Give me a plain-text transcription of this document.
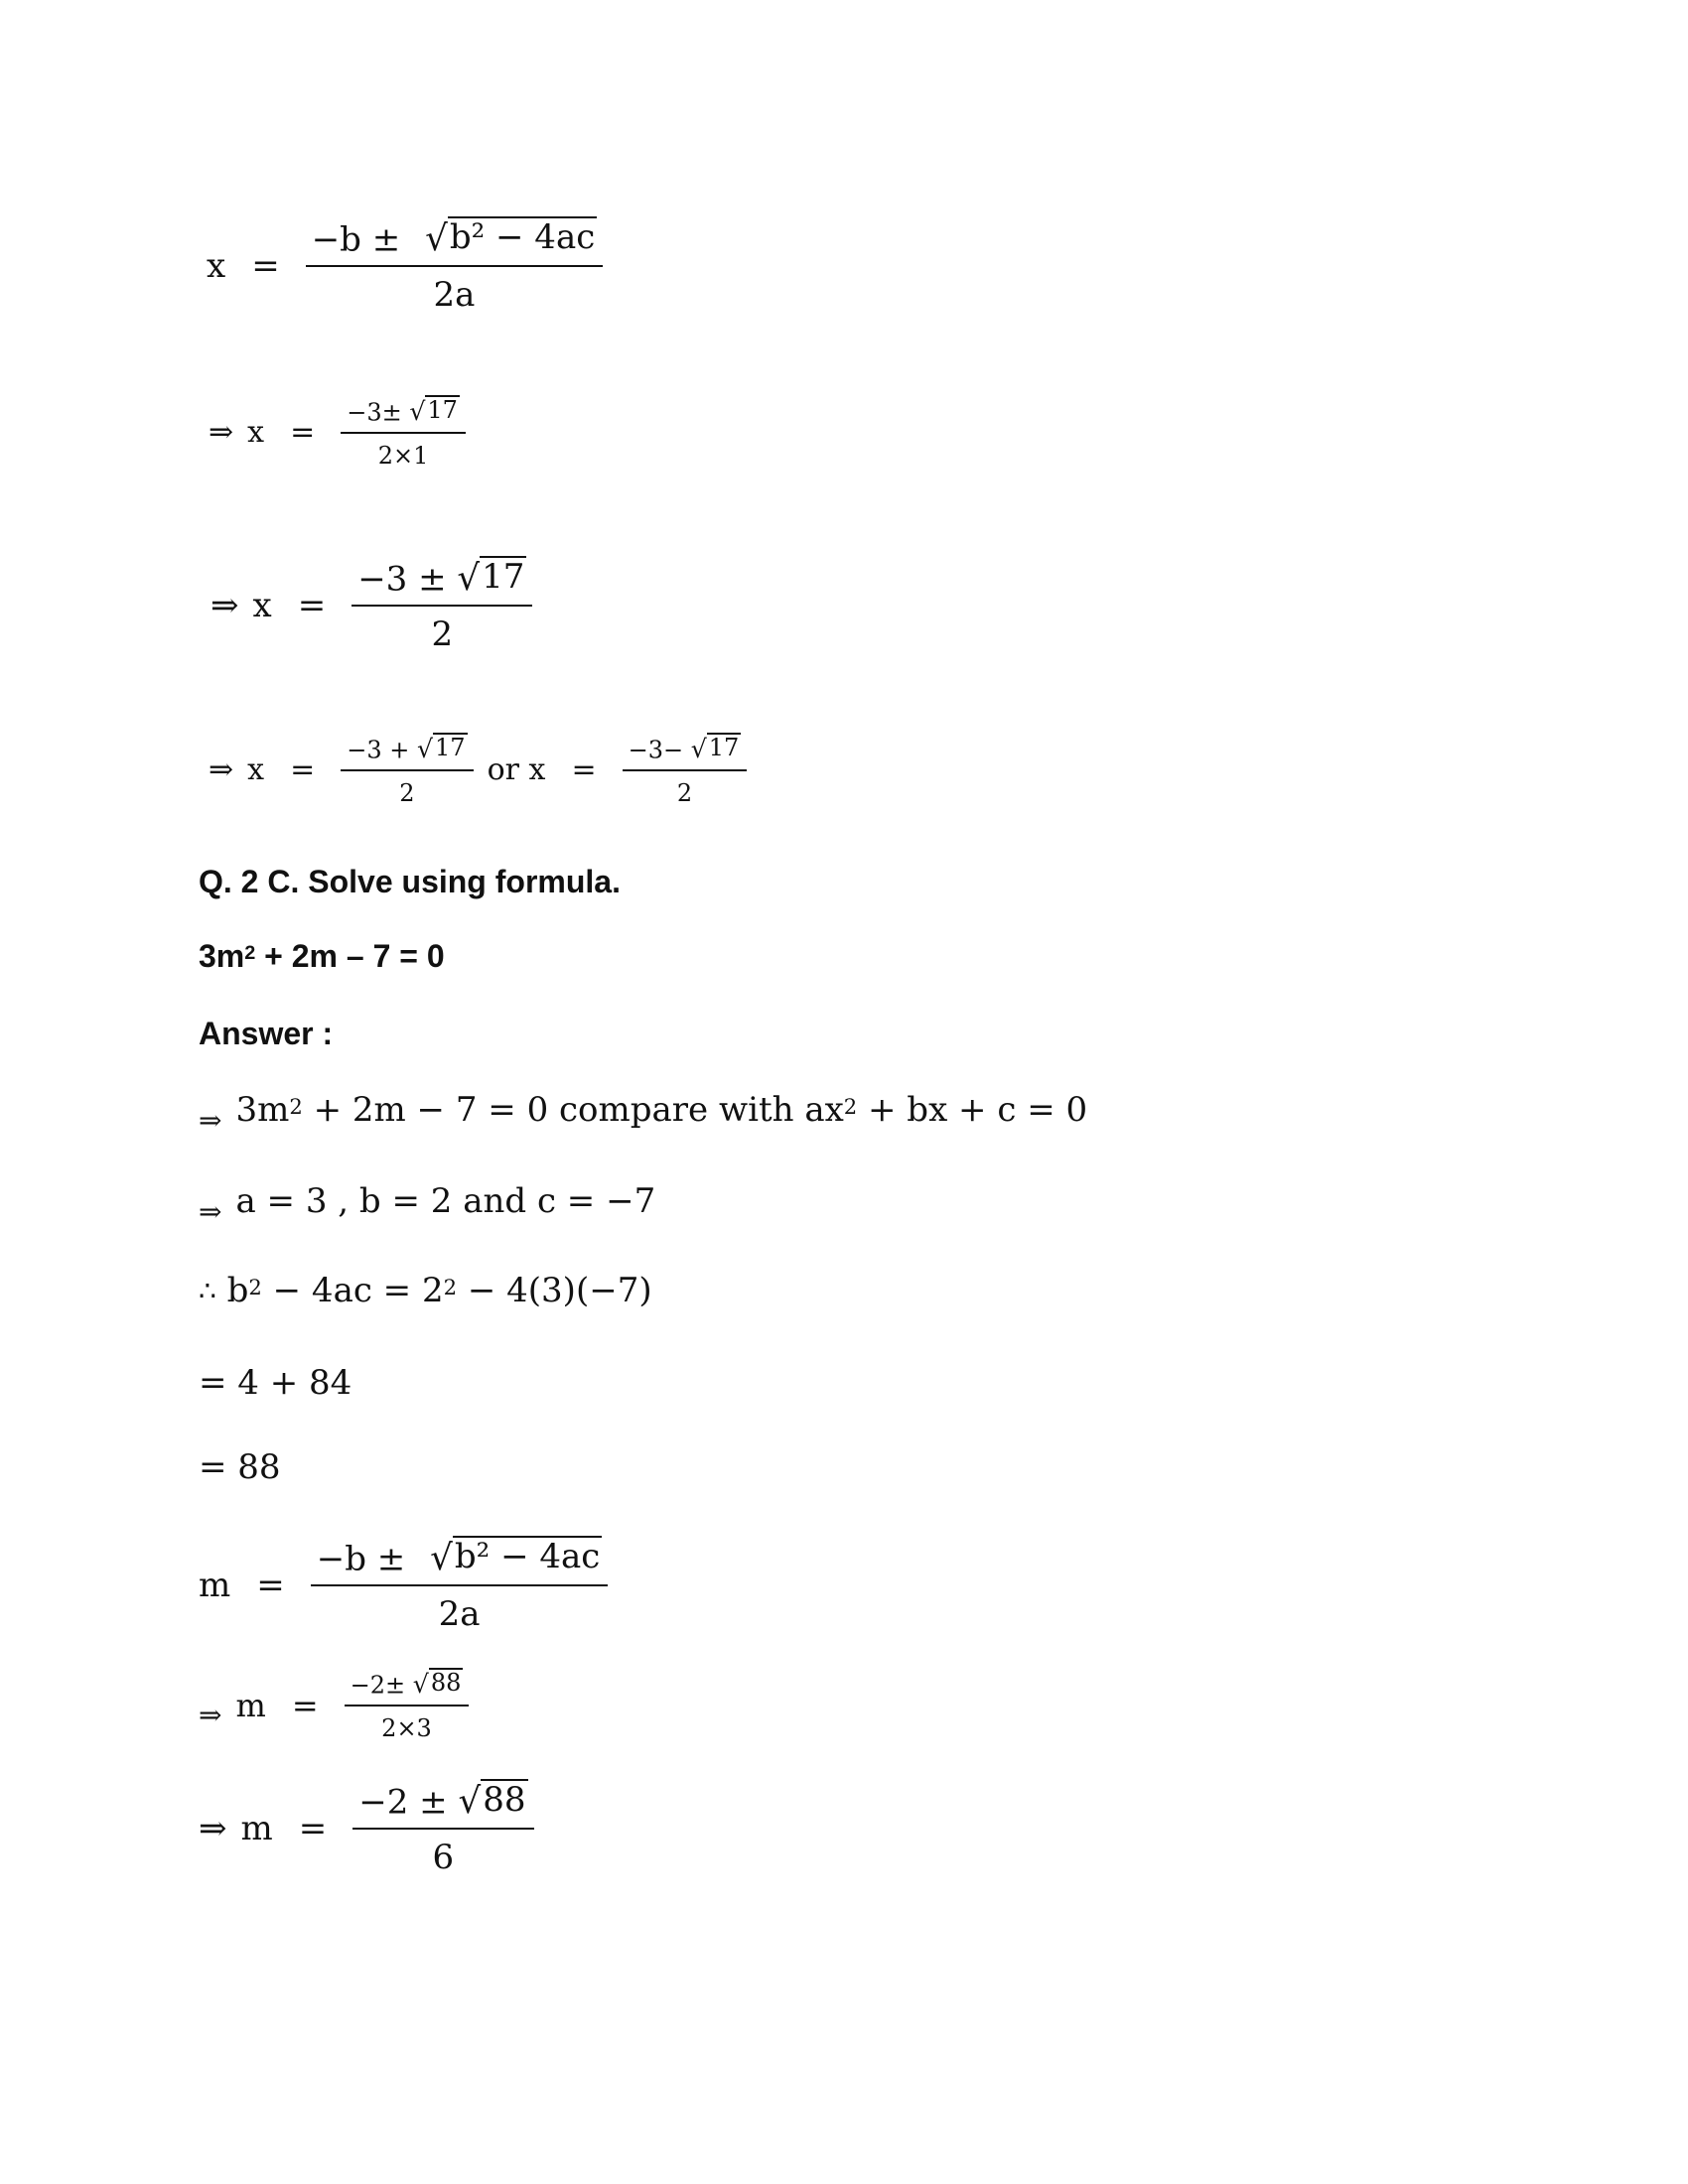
$x = \frac{\text{−b ± √ b² − 4ac}}{2a}$
⇒ $x = \frac{-3\pm √ 17}{2\times 1}$
⇒ $x = \frac{-3 \pm √ 17}{2}$
⇒ $x = \frac{-3 + √ 17}{2}$ or $x = \frac{-3- √ 17}{2}$
Q. 2 C. Solve using formula.
$3m^2 + 2m - 7 = 0$
Answer :
⇒ $3m^2 + 2m - 7 = 0$ compare with $ax^2$ + bx + c = 0
⇒ a = 3 , b = 2 and c = −7
∴ $b^2 - 4ac = 2^2 - 4(3)(-7)$
= 4 + 84
= 88
$m = \frac{\text{−b ± √ b² − 4ac}}{2a}$
⇒ $m = \frac{-2\pm √ 88}{2\times 3}$
⇒ $m = \frac{-2 \pm √ 88}{6}$
